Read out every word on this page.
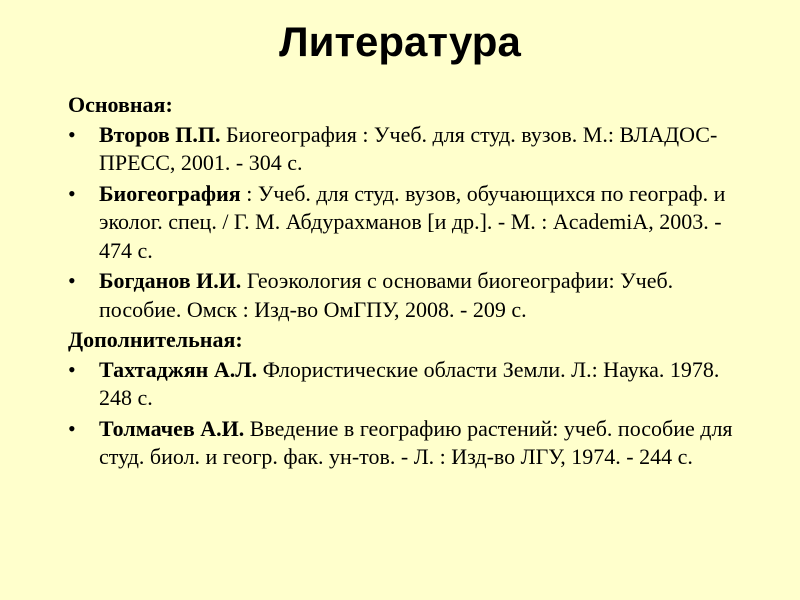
Литература

Основная:

•	Второв П.П. Биогеография : Учеб. для студ. вузов. М.: ВЛАДОС-ПРЕСС, 2001. - 304 с.
•	Биогеография : Учеб. для студ. вузов, обучающихся по географ. и эколог. спец. / Г. М. Абдурахманов [и др.]. - М. : AcademiA, 2003. - 474 с.
•	Богданов И.И. Геоэкология с основами биогеографии: Учеб. пособие. Омск : Изд-во ОмГПУ, 2008. - 209 с.

Дополнительная:

•	Тахтаджян А.Л. Флористические области Земли. Л.: Наука. 1978. 248 с.
•	Толмачев А.И. Введение в географию растений: учеб. пособие для студ. биол. и геогр. фак. ун-тов. - Л. : Изд-во ЛГУ, 1974. - 244 с.
